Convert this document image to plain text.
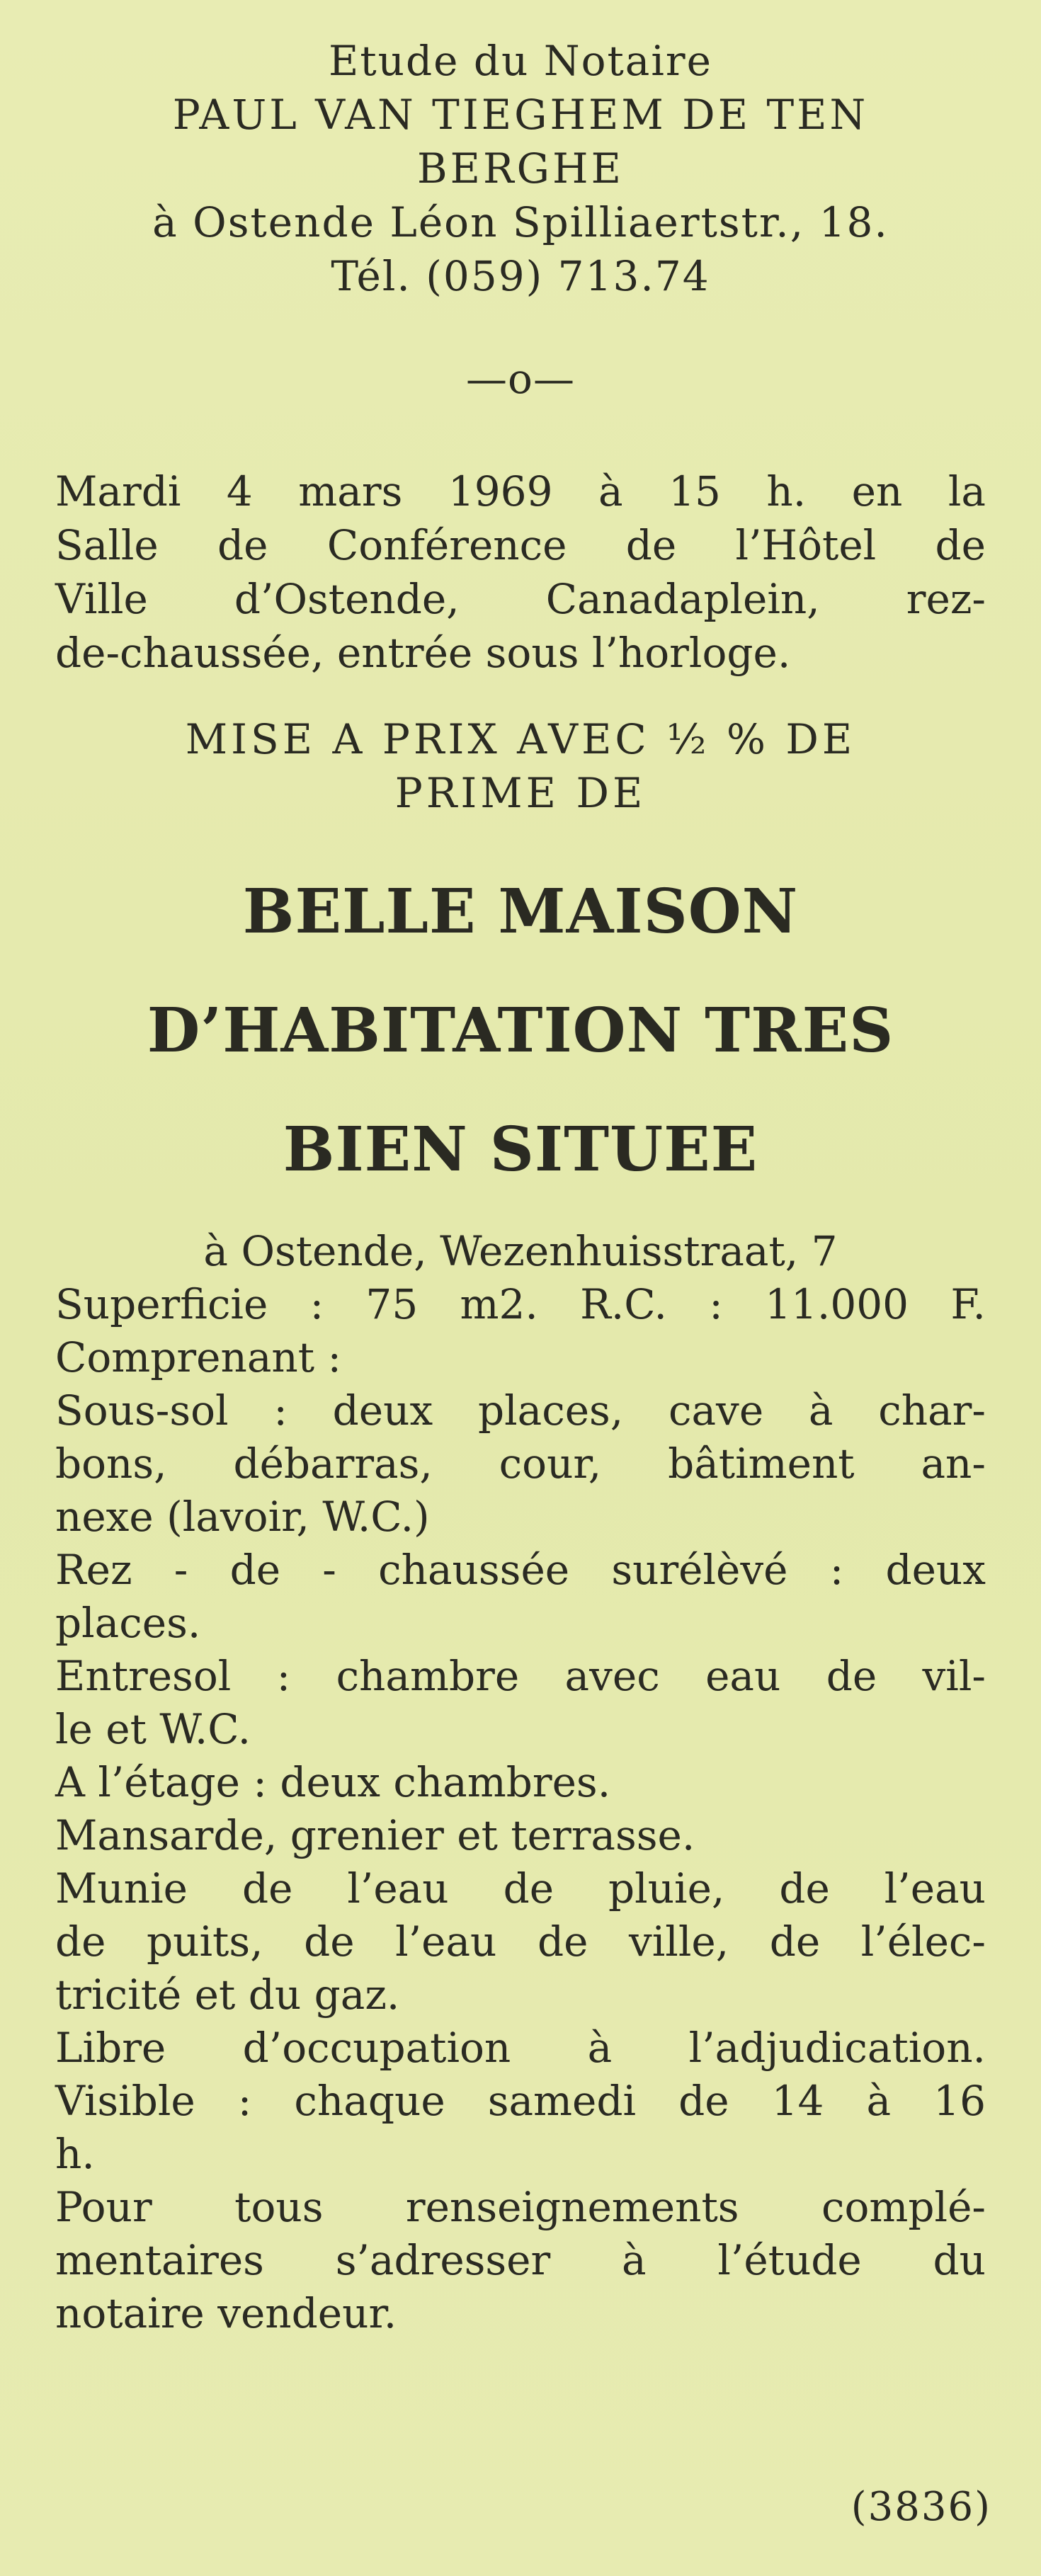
Etude du Notaire
PAUL VAN TIEGHEM DE TEN
BERGHE
à Ostende Léon Spilliaertstr., 18.
Tél. (059) 713.74
—o—
Mardi 4 mars 1969 à 15 h. en la
Salle de Conférence de l’Hôtel de
Ville d’Ostende, Canadaplein, rez-
de-chaussée, entrée sous l’horloge.
MISE A PRIX AVEC ½ % DE
PRIME DE
BELLE MAISON
D’HABITATION TRES
BIEN SITUEE
à Ostende, Wezenhuisstraat, 7
Superficie : 75 m2. R.C. : 11.000 F.
Comprenant :
Sous-sol : deux places, cave à char-
bons, débarras, cour, bâtiment an-
nexe (lavoir, W.C.)
Rez - de - chaussée surélèvé : deux
places.
Entresol : chambre avec eau de vil-
le et W.C.
A l’étage : deux chambres.
Mansarde, grenier et terrasse.
Munie de l’eau de pluie, de l’eau
de puits, de l’eau de ville, de l’élec-
tricité et du gaz.
Libre d’occupation à l’adjudication.
Visible : chaque samedi de 14 à 16
h.
Pour tous renseignements complé-
mentaires s’adresser à l’étude du
notaire vendeur.
(3836)
